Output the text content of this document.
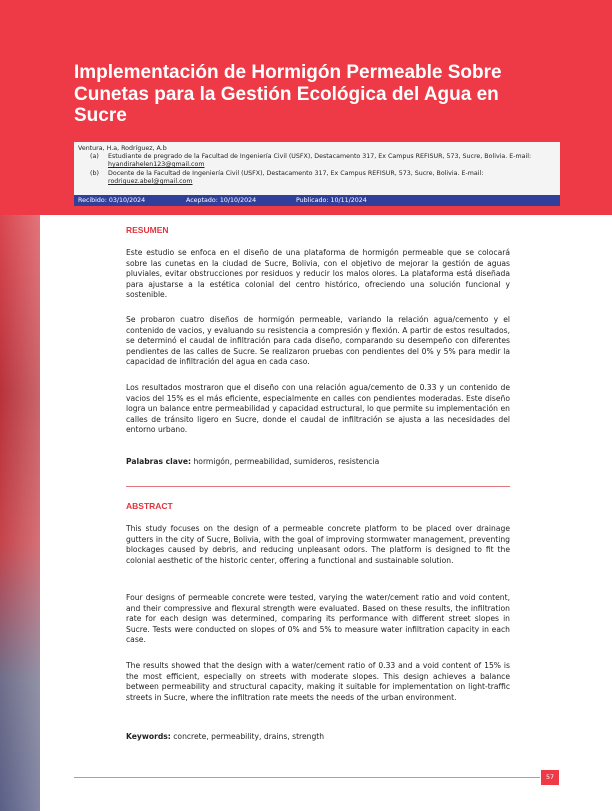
Implementación de Hormigón Permeable Sobre Cunetas para la Gestión Ecológica del Agua en Sucre
Ventura, H.a, Rodríguez, A.b
(a)	Estudiante de pregrado de la Facultad de Ingeniería Civil (USFX), Destacamento 317, Ex Campus REFISUR, 573, Sucre, Bolivia. E-mail:
hyandirahelen123@gmail.com
(b)	Docente de la Facultad de Ingeniería Civil (USFX), Destacamento 317, Ex Campus REFISUR, 573, Sucre, Bolivia. E-mail: rodriguez.abel@gmail.com
Recibido: 03/10/2024	Aceptado: 10/10/2024	Publicado: 10/11/2024
RESUMEN

Este estudio se enfoca en el diseño de una plataforma de hormigón permeable que se colocará sobre las cunetas en la ciudad de Sucre, Bolivia, con el objetivo de mejorar la gestión de aguas pluviales, evitar obstrucciones por residuos y reducir los malos olores. La plataforma está diseñada para ajustarse a la estética colonial del centro histórico, ofreciendo una solución funcional y sostenible.

Se probaron cuatro diseños de hormigón permeable, variando la relación agua/cemento y el contenido de vacios, y evaluando su resistencia a compresión y flexión. A partir de estos resultados, se determinó el caudal de infiltración para cada diseño, comparando su desempeño con diferentes pendientes de las calles de Sucre. Se realizaron pruebas con pendientes del 0% y 5% para medir la capacidad de infiltración del agua en cada caso.

Los resultados mostraron que el diseño con una relación agua/cemento de 0.33 y un contenido de vacios del 15% es el más eficiente, especialmente en calles con pendientes moderadas. Este diseño logra un balance entre permeabilidad y capacidad estructural, lo que permite su implementación en calles de tránsito ligero en Sucre, donde el caudal de infiltración se ajusta a las necesidades del entorno urbano.

Palabras clave: hormigón, permeabilidad, sumideros, resistencia

ABSTRACT

This study focuses on the design of a permeable concrete platform to be placed over drainage gutters in the city of Sucre, Bolivia, with the goal of improving stormwater management, preventing blockages caused by debris, and reducing unpleasant odors. The platform is designed to fit the colonial aesthetic of the historic center, offering a functional and sustainable solution.

Four designs of permeable concrete were tested, varying the water/cement ratio and void content, and their compressive and flexural strength were evaluated. Based on these results, the infiltration rate for each design was determined, comparing its performance with different street slopes in Sucre. Tests were conducted on slopes of 0% and 5% to measure water infiltration capacity in each case.

The results showed that the design with a water/cement ratio of 0.33 and a void content of 15% is the most efficient, especially on streets with moderate slopes. This design achieves a balance between permeability and structural capacity, making it suitable for implementation on light-traffic streets in Sucre, where the infiltration rate meets the needs of the urban environment.

Keywords: concrete, permeability, drains, strength

57
